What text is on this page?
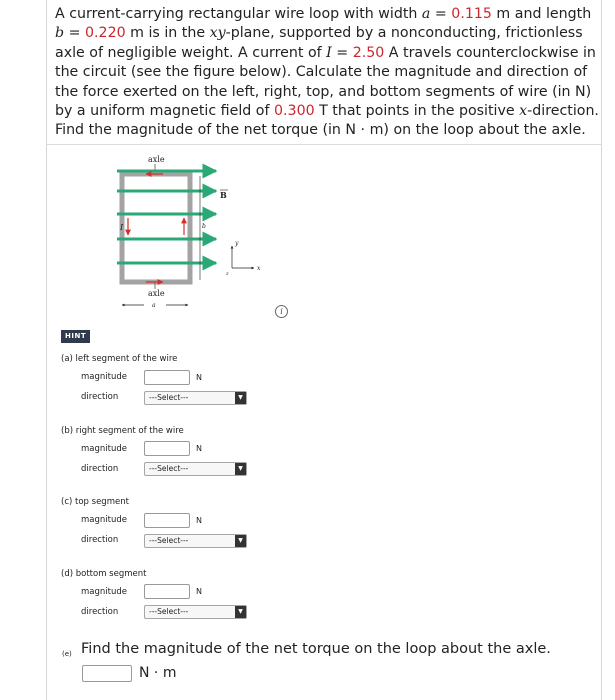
A current-carrying rectangular wire loop with width a = 0.115 m and length
b = 0.220 m is in the xy-plane, supported by a nonconducting, frictionless axle of negligible weight. A current of I = 2.50 A travels counterclockwise in the circuit (see the figure below). Calculate the magnitude and direction of the force exerted on the left, right, top, and bottom segments of wire (in N) by a uniform magnetic field of 0.300 T that points in the positive x-direction. Find the magnitude of the net torque (in N · m) on the loop about the axle.
axle
I	b
B
y
x
z
axle
a
i
HINT
(a) left segment of the wire
magnitude	N
direction	---Select---	▼
(b) right segment of the wire
magnitude	N
direction	---Select---	▼
(c) top segment
magnitude	N
direction	---Select---	▼
(d) bottom segment
magnitude	N
direction	---Select---	▼
(e) Find the magnitude of the net torque on the loop about the axle.
N · m
